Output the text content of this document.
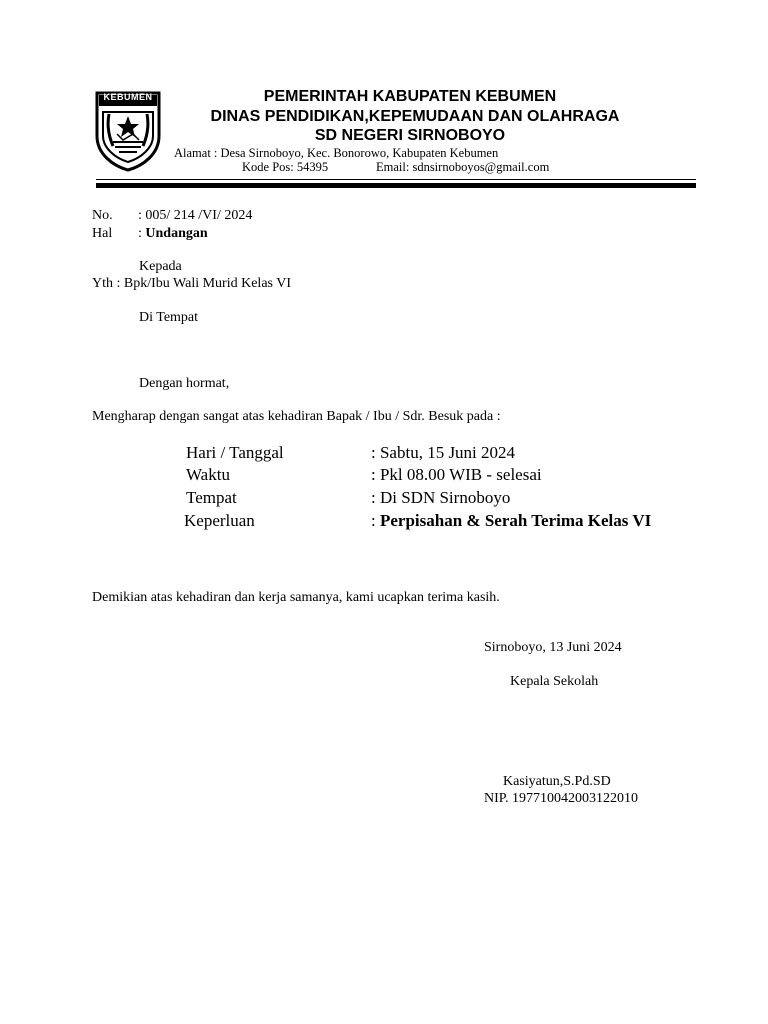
KEBUMEN	PEMERINTAH KABUPATEN KEBUMEN
DINAS PENDIDIKAN,KEPEMUDAAN DAN OLAHRAGA
SD NEGERI SIRNOBOYO
Alamat : Desa Sirnoboyo, Kec. Bonorowo, Kabupaten Kebumen
Kode Pos: 54395	Email: sdnsirnoboyos@gmail.com
No. : 005/ 214 /VI/ 2024
Hal : Undangan
Kepada
Yth : Bpk/Ibu Wali Murid Kelas VI
Di Tempat
Dengan hormat,
Mengharap dengan sangat atas kehadiran Bapak / Ibu / Sdr. Besuk pada :
Hari / Tanggal	: Sabtu, 15 Juni 2024
Waktu	: Pkl 08.00 WIB - selesai
Tempat	: Di SDN Sirnoboyo
Keperluan	: Perpisahan & Serah Terima Kelas VI
Demikian atas kehadiran dan kerja samanya, kami ucapkan terima kasih.
Sirnoboyo, 13 Juni 2024
Kepala Sekolah
Kasiyatun,S.Pd.SD
NIP. 197710042003122010
